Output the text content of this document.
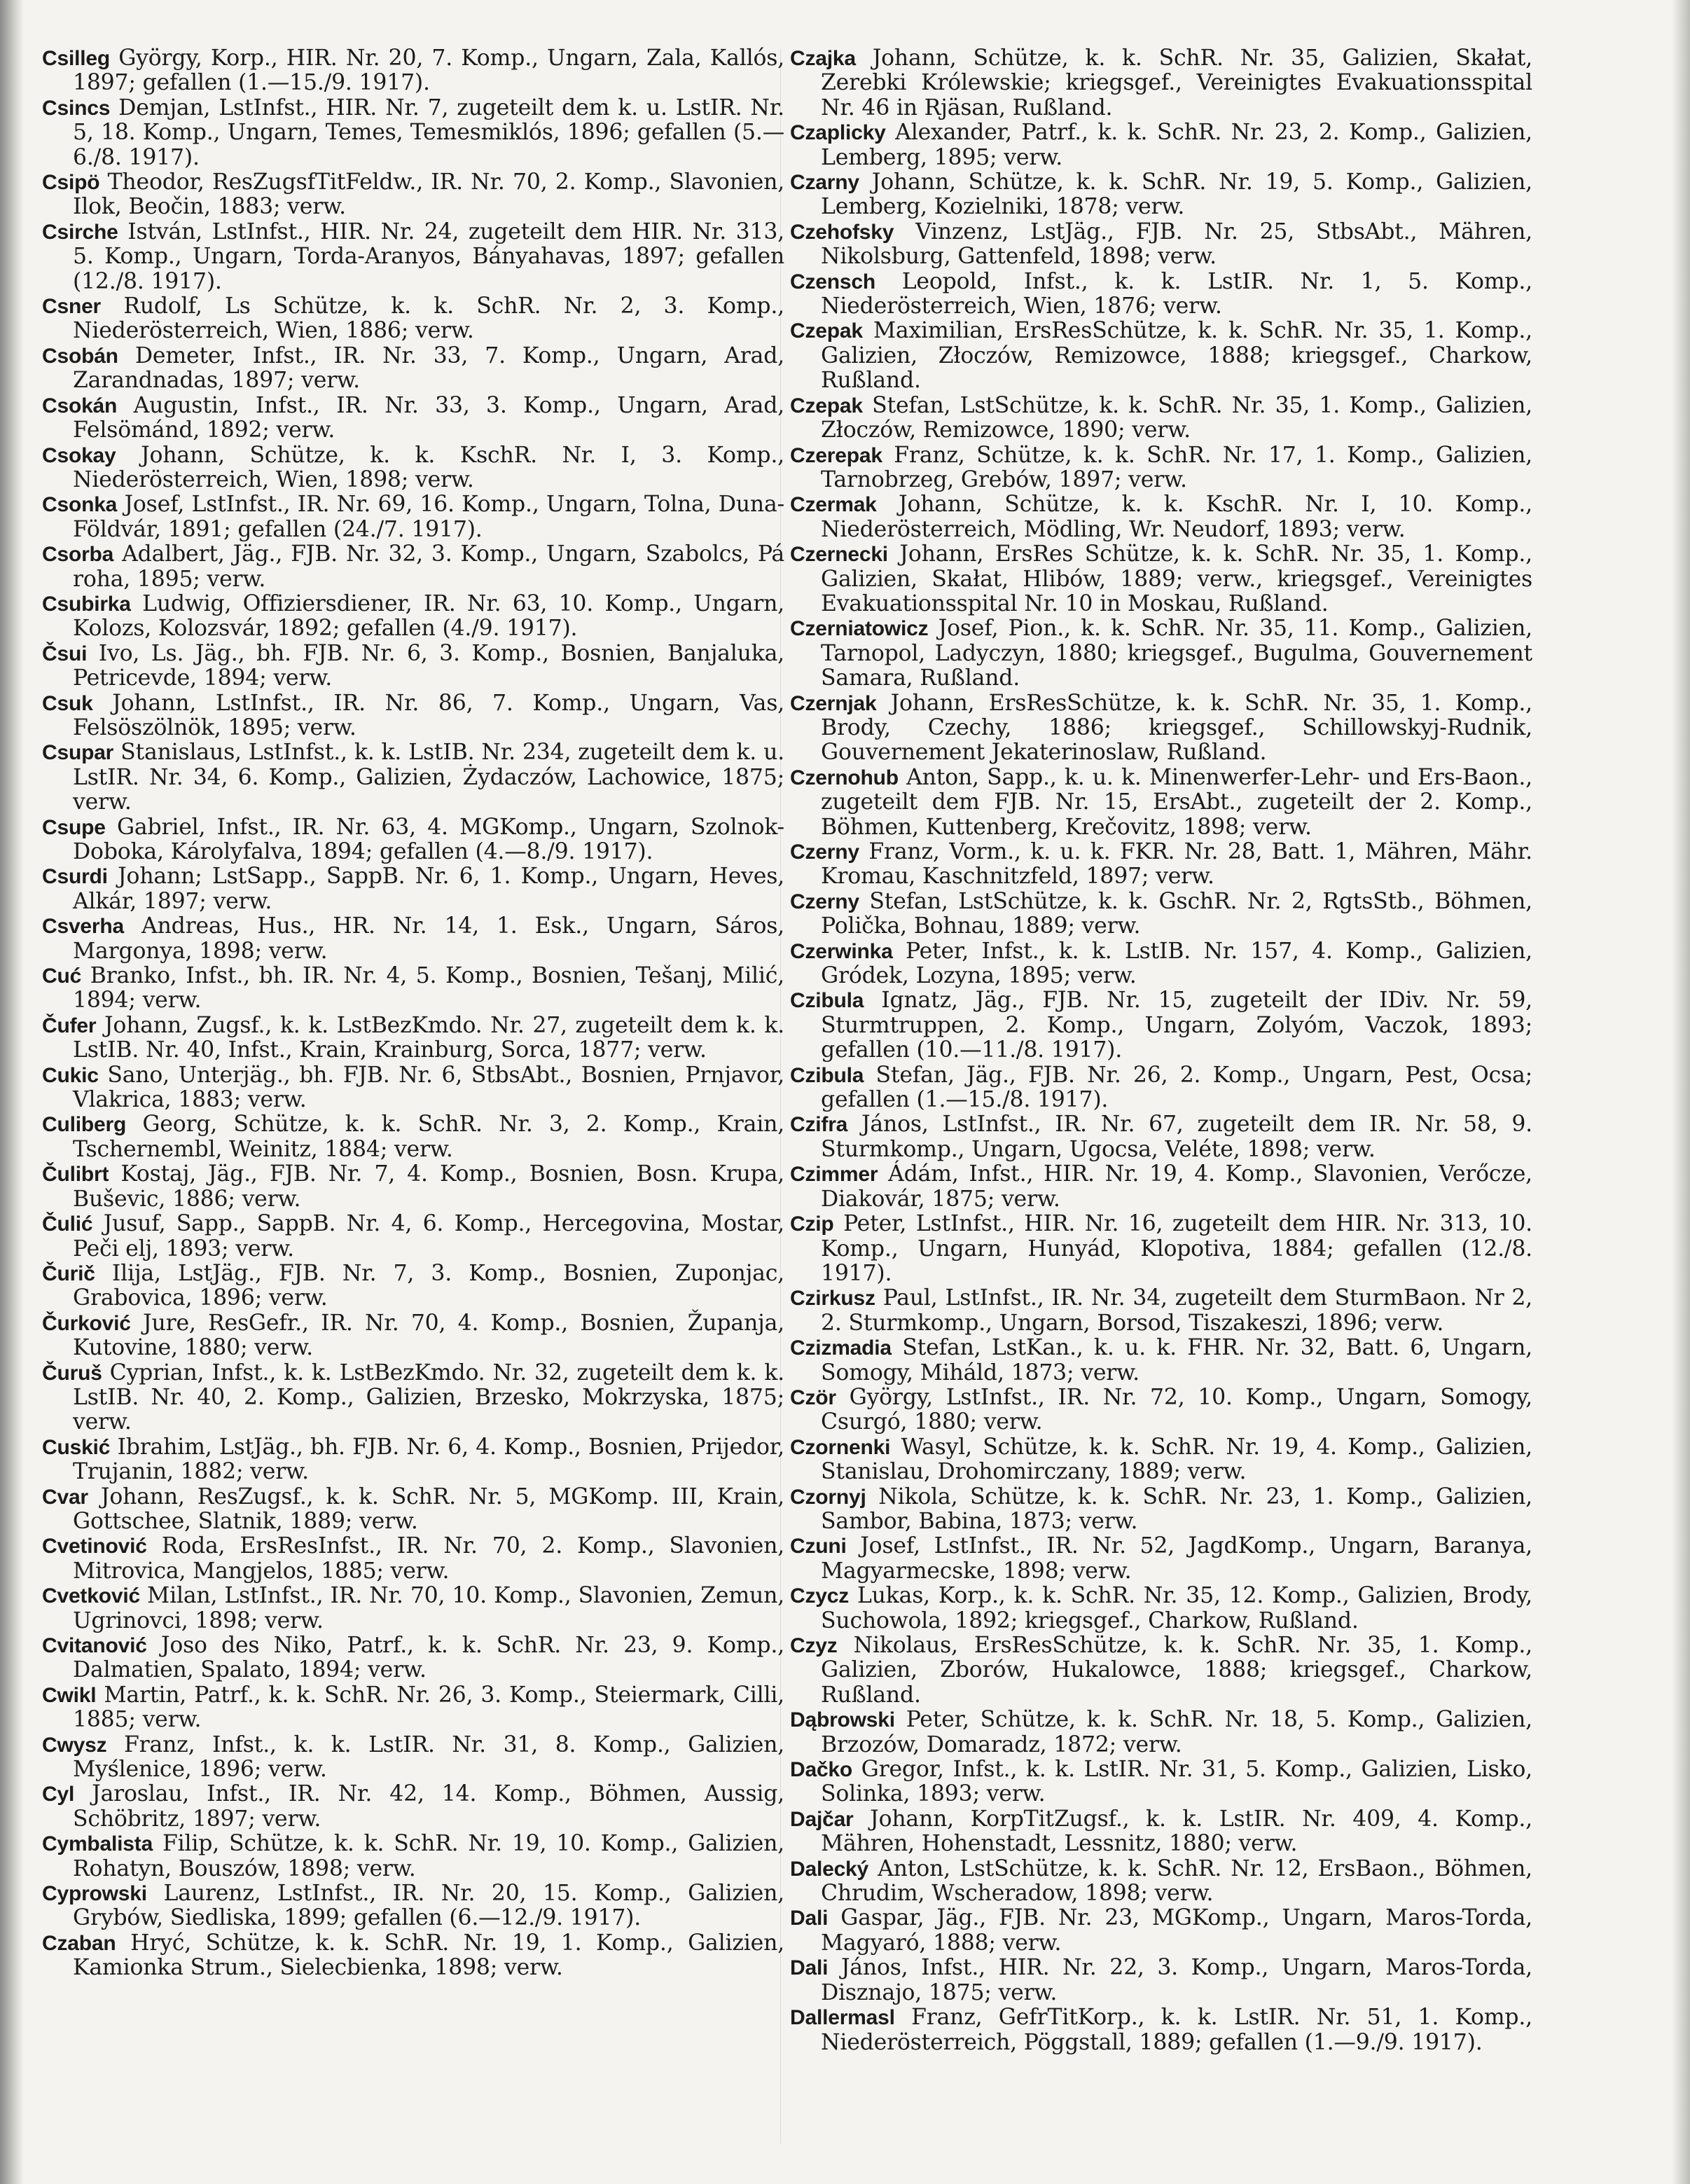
Csilleg György, Korp., HIR. Nr. 20, 7. Komp., Ungarn, Zala, Kallós, 1897; gefallen (1.—15./9. 1917).

Csincs Demjan, LstInfst., HIR. Nr. 7, zugeteilt dem k. u. LstIR. Nr. 5, 18. Komp., Ungarn, Temes, Temesmiklós, 1896; gefallen (5.—6./8. 1917).

Csipö Theodor, ResZugsfTitFeldw., IR. Nr. 70, 2. Komp., Slavonien, Ilok, Beočin, 1883; verw.

Csirche István, LstInfst., HIR. Nr. 24, zugeteilt dem HIR. Nr. 313, 5. Komp., Ungarn, Torda-Aranyos, Bányahavas, 1897; gefallen (12./8. 1917).

Csner Rudolf, Ls Schütze, k. k. SchR. Nr. 2, 3. Komp., Niederösterreich, Wien, 1886; verw.

Csobán Demeter, Infst., IR. Nr. 33, 7. Komp., Ungarn, Arad, Zarandnadas, 1897; verw.

Csokán Augustin, Infst., IR. Nr. 33, 3. Komp., Ungarn, Arad, Felsömánd, 1892; verw.

Csokay Johann, Schütze, k. k. KschR. Nr. I, 3. Komp., Niederösterreich, Wien, 1898; verw.

Csonka Josef, LstInfst., IR. Nr. 69, 16. Komp., Ungarn, Tolna, Duna-Földvár, 1891; gefallen (24./7. 1917).

Csorba Adalbert, Jäg., FJB. Nr. 32, 3. Komp., Ungarn, Szabolcs, Pá roha, 1895; verw.

Csubirka Ludwig, Offiziersdiener, IR. Nr. 63, 10. Komp., Ungarn, Kolozs, Kolozsvár, 1892; gefallen (4./9. 1917).

Čsui Ivo, Ls. Jäg., bh. FJB. Nr. 6, 3. Komp., Bosnien, Banjaluka, Petricevde, 1894; verw.

Csuk Johann, LstInfst., IR. Nr. 86, 7. Komp., Ungarn, Vas, Felsöszölnök, 1895; verw.

Csupar Stanislaus, LstInfst., k. k. LstIB. Nr. 234, zugeteilt dem k. u. LstIR. Nr. 34, 6. Komp., Galizien, Żydaczów, Lachowice, 1875; verw.

Csupe Gabriel, Infst., IR. Nr. 63, 4. MGKomp., Ungarn, Szolnok-Doboka, Károlyfalva, 1894; gefallen (4.—8./9. 1917).

Csurdi Johann; LstSapp., SappB. Nr. 6, 1. Komp., Ungarn, Heves, Alkár, 1897; verw.

Csverha Andreas, Hus., HR. Nr. 14, 1. Esk., Ungarn, Sáros, Margonya, 1898; verw.

Cuć Branko, Infst., bh. IR. Nr. 4, 5. Komp., Bosnien, Tešanj, Milić, 1894; verw.

Čufer Johann, Zugsf., k. k. LstBezKmdo. Nr. 27, zugeteilt dem k. k. LstIB. Nr. 40, Infst., Krain, Krainburg, Sorca, 1877; verw.

Cukic Sano, Unterjäg., bh. FJB. Nr. 6, StbsAbt., Bosnien, Prnjavor, Vlakrica, 1883; verw.

Culiberg Georg, Schütze, k. k. SchR. Nr. 3, 2. Komp., Krain, Tschernembl, Weinitz, 1884; verw.

Čulibrt Kostaj, Jäg., FJB. Nr. 7, 4. Komp., Bosnien, Bosn. Krupa, Buševic, 1886; verw.

Čulić Jusuf, Sapp., SappB. Nr. 4, 6. Komp., Hercegovina, Mostar, Peči elj, 1893; verw.

Čurič Ilija, LstJäg., FJB. Nr. 7, 3. Komp., Bosnien, Zuponjac, Grabovica, 1896; verw.

Čurković Jure, ResGefr., IR. Nr. 70, 4. Komp., Bosnien, Županja, Kutovine, 1880; verw.

Čuruš Cyprian, Infst., k. k. LstBezKmdo. Nr. 32, zugeteilt dem k. k. LstIB. Nr. 40, 2. Komp., Galizien, Brzesko, Mokrzyska, 1875; verw.

Cuskić Ibrahim, LstJäg., bh. FJB. Nr. 6, 4. Komp., Bosnien, Prijedor, Trujanin, 1882; verw.

Cvar Johann, ResZugsf., k. k. SchR. Nr. 5, MGKomp. III, Krain, Gottschee, Slatnik, 1889; verw.

Cvetinović Roda, ErsResInfst., IR. Nr. 70, 2. Komp., Slavonien, Mitrovica, Mangjelos, 1885; verw.

Cvetković Milan, LstInfst., IR. Nr. 70, 10. Komp., Slavonien, Zemun, Ugrinovci, 1898; verw.

Cvitanović Joso des Niko, Patrf., k. k. SchR. Nr. 23, 9. Komp., Dalmatien, Spalato, 1894; verw.

Cwikl Martin, Patrf., k. k. SchR. Nr. 26, 3. Komp., Steiermark, Cilli, 1885; verw.

Cwysz Franz, Infst., k. k. LstIR. Nr. 31, 8. Komp., Galizien, Myślenice, 1896; verw.

Cyl Jaroslau, Infst., IR. Nr. 42, 14. Komp., Böhmen, Aussig, Schöbritz, 1897; verw.

Cymbalista Filip, Schütze, k. k. SchR. Nr. 19, 10. Komp., Galizien, Rohatyn, Bouszów, 1898; verw.

Cyprowski Laurenz, LstInfst., IR. Nr. 20, 15. Komp., Galizien, Grybów, Siedliska, 1899; gefallen (6.—12./9. 1917).

Czaban Hryć, Schütze, k. k. SchR. Nr. 19, 1. Komp., Galizien, Kamionka Strum., Sielecbienka, 1898; verw.

Czajka Johann, Schütze, k. k. SchR. Nr. 35, Galizien, Skałat, Zerebki Królewskie; kriegsgef., Vereinigtes Evakuationsspital Nr. 46 in Rjäsan, Rußland.

Czaplicky Alexander, Patrf., k. k. SchR. Nr. 23, 2. Komp., Galizien, Lemberg, 1895; verw.

Czarny Johann, Schütze, k. k. SchR. Nr. 19, 5. Komp., Galizien, Lemberg, Kozielniki, 1878; verw.

Czehofsky Vinzenz, LstJäg., FJB. Nr. 25, StbsAbt., Mähren, Nikolsburg, Gattenfeld, 1898; verw.

Czensch Leopold, Infst., k. k. LstIR. Nr. 1, 5. Komp., Niederösterreich, Wien, 1876; verw.

Czepak Maximilian, ErsResSchütze, k. k. SchR. Nr. 35, 1. Komp., Galizien, Złoczów, Remizowce, 1888; kriegsgef., Charkow, Rußland.

Czepak Stefan, LstSchütze, k. k. SchR. Nr. 35, 1. Komp., Galizien, Złoczów, Remizowce, 1890; verw.

Czerepak Franz, Schütze, k. k. SchR. Nr. 17, 1. Komp., Galizien, Tarnobrzeg, Grebów, 1897; verw.

Czermak Johann, Schütze, k. k. KschR. Nr. I, 10. Komp., Niederösterreich, Mödling, Wr. Neudorf, 1893; verw.

Czernecki Johann, ErsRes Schütze, k. k. SchR. Nr. 35, 1. Komp., Galizien, Skałat, Hlibów, 1889; verw., kriegsgef., Vereinigtes Evakuationsspital Nr. 10 in Moskau, Rußland.

Czerniatowicz Josef, Pion., k. k. SchR. Nr. 35, 11. Komp., Galizien, Tarnopol, Ladyczyn, 1880; kriegsgef., Bugulma, Gouvernement Samara, Rußland.

Czernjak Johann, ErsResSchütze, k. k. SchR. Nr. 35, 1. Komp., Brody, Czechy, 1886; kriegsgef., Schillowskyj-Rudnik, Gouvernement Jekaterinoslaw, Rußland.

Czernohub Anton, Sapp., k. u. k. Minenwerfer-Lehr- und Ers-Baon., zugeteilt dem FJB. Nr. 15, ErsAbt., zugeteilt der 2. Komp., Böhmen, Kuttenberg, Krečovitz, 1898; verw.

Czerny Franz, Vorm., k. u. k. FKR. Nr. 28, Batt. 1, Mähren, Mähr. Kromau, Kaschnitzfeld, 1897; verw.

Czerny Stefan, LstSchütze, k. k. GschR. Nr. 2, RgtsStb., Böhmen, Polička, Bohnau, 1889; verw.

Czerwinka Peter, Infst., k. k. LstIB. Nr. 157, 4. Komp., Galizien, Gródek, Lozyna, 1895; verw.

Czibula Ignatz, Jäg., FJB. Nr. 15, zugeteilt der IDiv. Nr. 59, Sturmtruppen, 2. Komp., Ungarn, Zolyóm, Vaczok, 1893; gefallen (10.—11./8. 1917).

Czibula Stefan, Jäg., FJB. Nr. 26, 2. Komp., Ungarn, Pest, Ocsa; gefallen (1.—15./8. 1917).

Czifra János, LstInfst., IR. Nr. 67, zugeteilt dem IR. Nr. 58, 9. Sturmkomp., Ungarn, Ugocsa, Veléte, 1898; verw.

Czimmer Ádám, Infst., HIR. Nr. 19, 4. Komp., Slavonien, Verőcze, Diakovár, 1875; verw.

Czip Peter, LstInfst., HIR. Nr. 16, zugeteilt dem HIR. Nr. 313, 10. Komp., Ungarn, Hunyád, Klopotiva, 1884; gefallen (12./8. 1917).

Czirkusz Paul, LstInfst., IR. Nr. 34, zugeteilt dem SturmBaon. Nr 2, 2. Sturmkomp., Ungarn, Borsod, Tiszakeszi, 1896; verw.

Czizmadia Stefan, LstKan., k. u. k. FHR. Nr. 32, Batt. 6, Ungarn, Somogy, Miháld, 1873; verw.

Czör György, LstInfst., IR. Nr. 72, 10. Komp., Ungarn, Somogy, Csurgó, 1880; verw.

Czornenki Wasyl, Schütze, k. k. SchR. Nr. 19, 4. Komp., Galizien, Stanislau, Drohomirczany, 1889; verw.

Czornyj Nikola, Schütze, k. k. SchR. Nr. 23, 1. Komp., Galizien, Sambor, Babina, 1873; verw.

Czuni Josef, LstInfst., IR. Nr. 52, JagdKomp., Ungarn, Baranya, Magyarmecske, 1898; verw.

Czycz Lukas, Korp., k. k. SchR. Nr. 35, 12. Komp., Galizien, Brody, Suchowola, 1892; kriegsgef., Charkow, Rußland.

Czyz Nikolaus, ErsResSchütze, k. k. SchR. Nr. 35, 1. Komp., Galizien, Zborów, Hukalowce, 1888; kriegsgef., Charkow, Rußland.

Dąbrowski Peter, Schütze, k. k. SchR. Nr. 18, 5. Komp., Galizien, Brzozów, Domaradz, 1872; verw.

Dačko Gregor, Infst., k. k. LstIR. Nr. 31, 5. Komp., Galizien, Lisko, Solinka, 1893; verw.

Dajčar Johann, KorpTitZugsf., k. k. LstIR. Nr. 409, 4. Komp., Mähren, Hohenstadt, Lessnitz, 1880; verw.

Dalecký Anton, LstSchütze, k. k. SchR. Nr. 12, ErsBaon., Böhmen, Chrudim, Wscheradow, 1898; verw.

Dali Gaspar, Jäg., FJB. Nr. 23, MGKomp., Ungarn, Maros-Torda, Magyaró, 1888; verw.

Dali János, Infst., HIR. Nr. 22, 3. Komp., Ungarn, Maros-Torda, Disznajo, 1875; verw.

Dallermasl Franz, GefrTitKorp., k. k. LstIR. Nr. 51, 1. Komp., Niederösterreich, Pöggstall, 1889; gefallen (1.—9./9. 1917).
